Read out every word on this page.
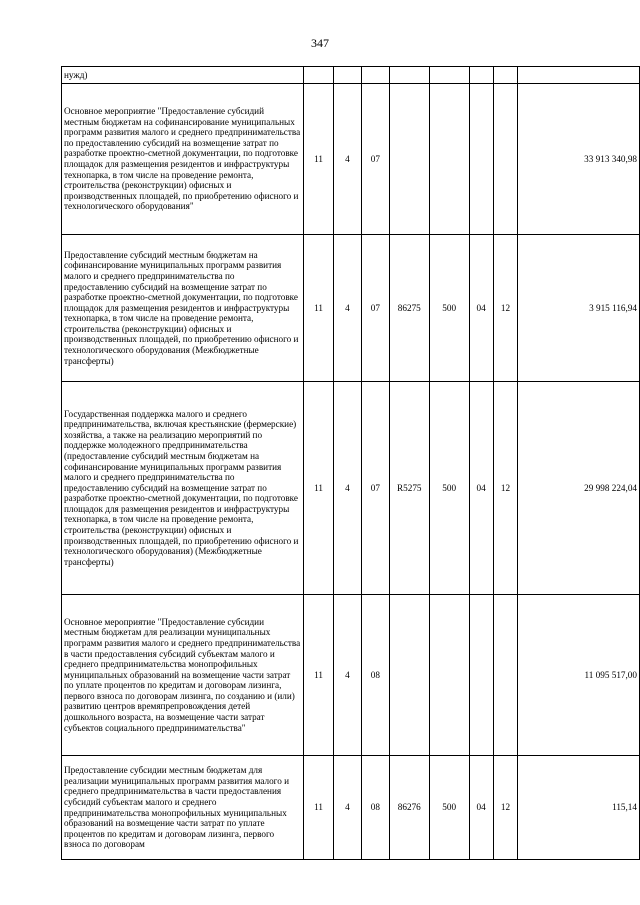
347
нужд)								
Основное мероприятие "Предоставление субсидий местным бюджетам на софинансирование муниципальных программ развития малого и среднего предпринимательства по предоставлению субсидий на возмещение затрат по разработке проектно-сметной документации, по подготовке площадок для размещения резидентов и инфраструктуры технопарка, в том числе на проведение ремонта, строительства (реконструкции) офисных и производственных площадей, по приобретению офисного и технологического оборудования"	11	4	07					33 913 340,98
Предоставление субсидий местным бюджетам на софинансирование муниципальных программ развития малого и среднего предпринимательства по предоставлению субсидий на возмещение затрат по разработке проектно-сметной документации, по подготовке площадок для размещения резидентов и инфраструктуры технопарка, в том числе на проведение ремонта, строительства (реконструкции) офисных и производственных площадей, по приобретению офисного и технологического оборудования (Межбюджетные трансферты)	11	4	07	86275	500	04	12	3 915 116,94
Государственная поддержка малого и среднего предпринимательства, включая крестьянские (фермерские) хозяйства, а также на реализацию мероприятий по поддержке молодежного предпринимательства (предоставление субсидий местным бюджетам на софинансирование муниципальных программ развития малого и среднего предпринимательства по предоставлению субсидий на возмещение затрат по разработке проектно-сметной документации, по подготовке площадок для размещения резидентов и инфраструктуры технопарка, в том числе на проведение ремонта, строительства (реконструкции) офисных и производственных площадей, по приобретению офисного и технологического оборудования) (Межбюджетные трансферты)	11	4	07	R5275	500	04	12	29 998 224,04
Основное мероприятие "Предоставление субсидии местным бюджетам для реализации муниципальных программ развития малого и среднего предпринимательства в части предоставления субсидий субъектам малого и среднего предпринимательства монопрофильных муниципальных образований на возмещение части затрат по уплате процентов по кредитам и договорам лизинга, первого взноса по договорам лизинга, по созданию и (или) развитию центров времяпрепровождения детей дошкольного возраста, на возмещение части затрат субъектов социального предпринимательства"	11	4	08					11 095 517,00
Предоставление субсидии местным бюджетам для реализации муниципальных программ развития малого и среднего предпринимательства в части предоставления субсидий субъектам малого и среднего предпринимательства монопрофильных муниципальных образований на возмещение части затрат по уплате процентов по кредитам и договорам лизинга, первого взноса по договорам	11	4	08	86276	500	04	12	115,14
